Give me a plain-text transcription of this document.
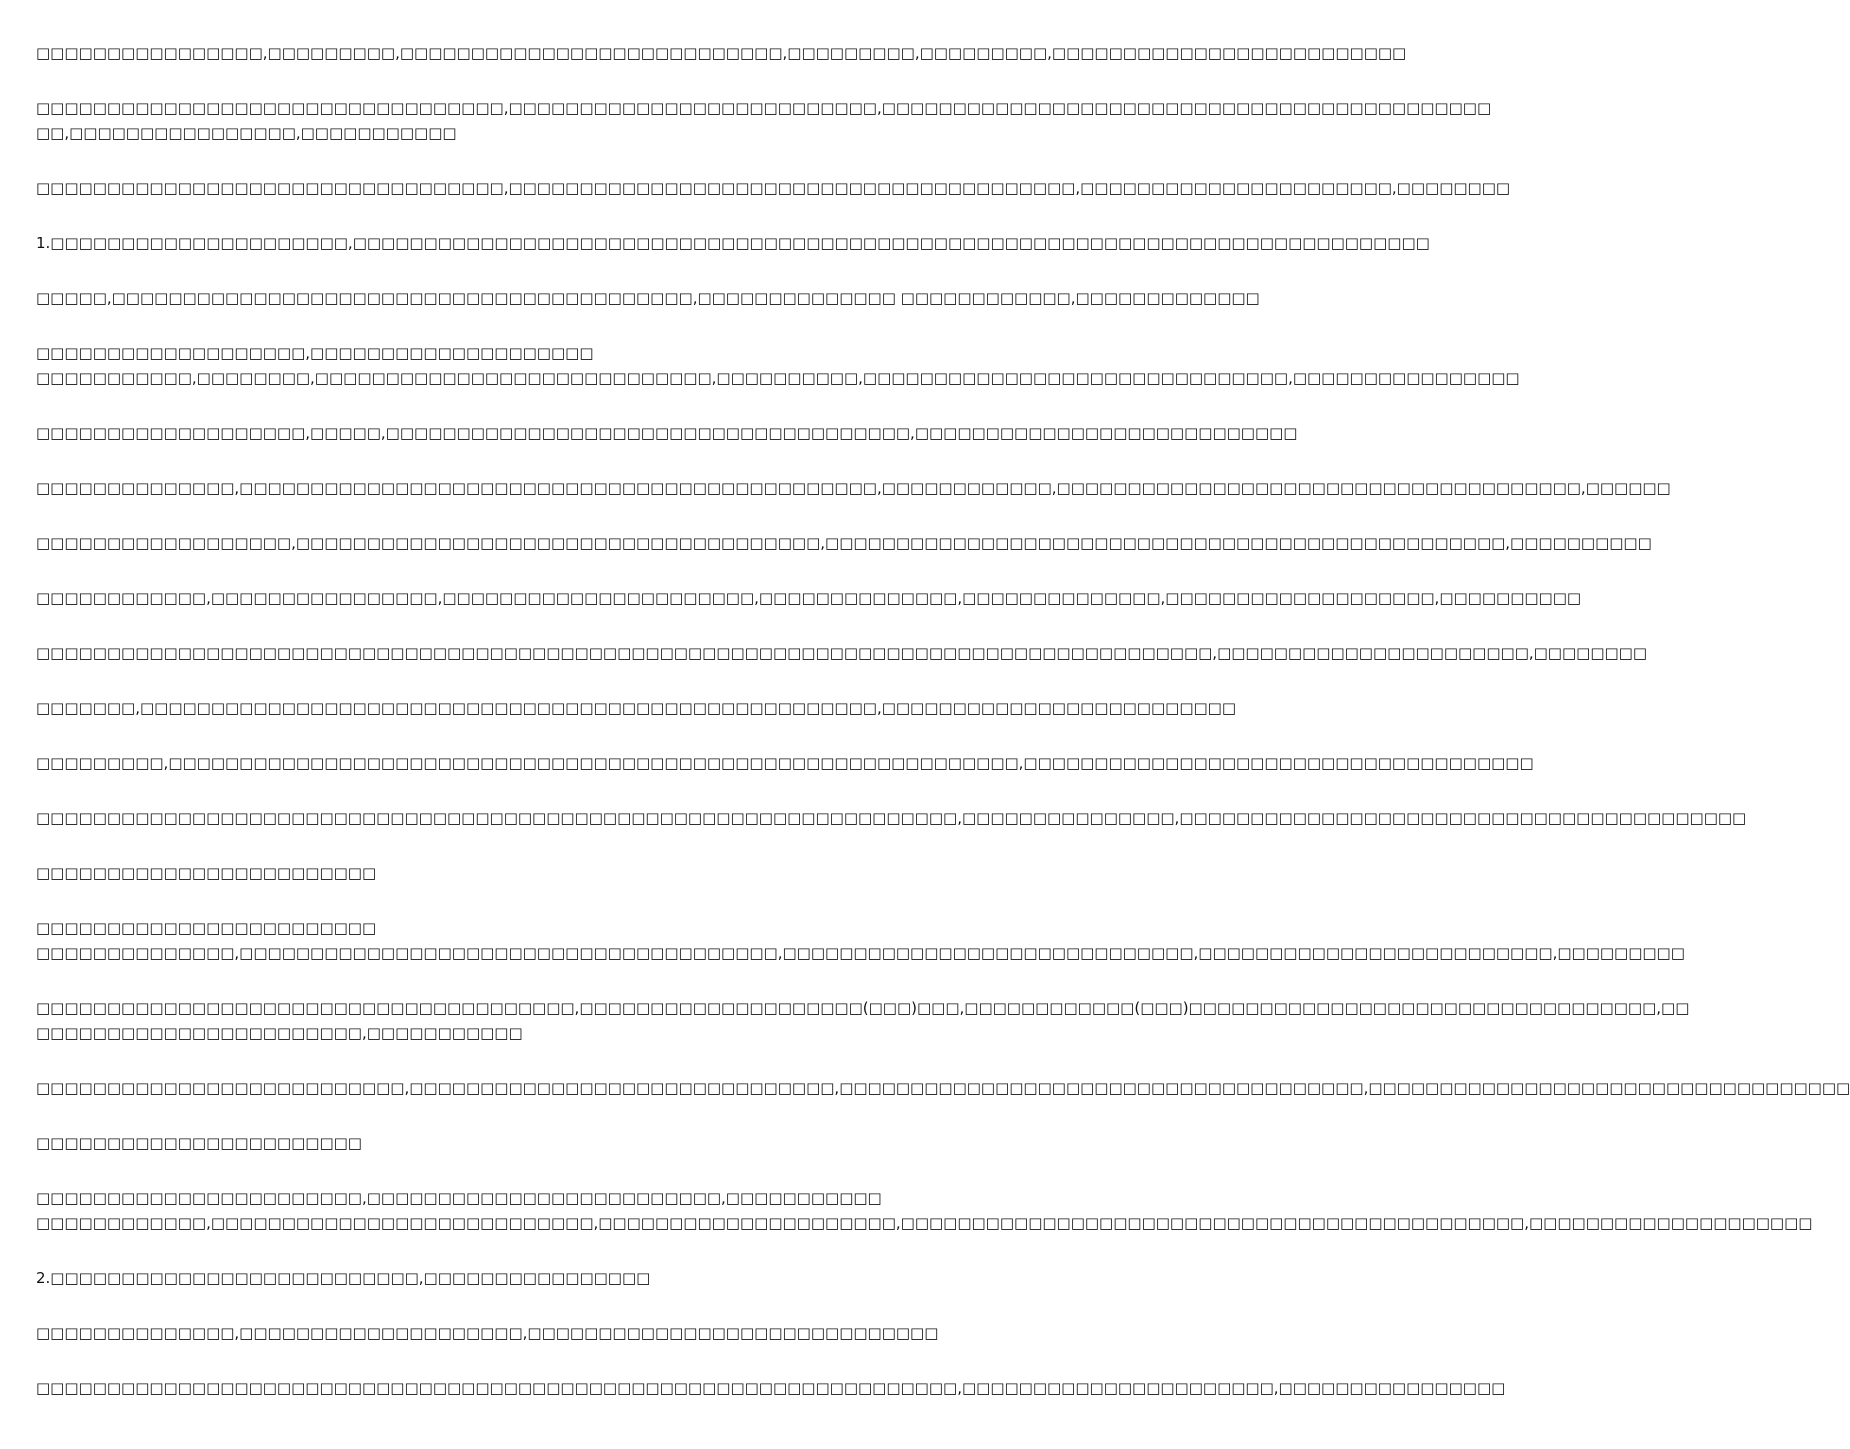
□□□□□□□□□□□□□□□□,□□□□□□□□□,□□□□□□□□□□□□□□□□□□□□□□□□□□□,□□□□□□□□□,□□□□□□□□□,□□□□□□□□□□□□□□□□□□□□□□□□□
□□□□□□□□□□□□□□□□□□□□□□□□□□□□□□□□□,□□□□□□□□□□□□□□□□□□□□□□□□□□,□□□□□□□□□□□□□□□□□□□□□□□□□□□□□□□□□□□□□□□□□□□
□□,□□□□□□□□□□□□□□□□,□□□□□□□□□□□
□□□□□□□□□□□□□□□□□□□□□□□□□□□□□□□□□,□□□□□□□□□□□□□□□□□□□□□□□□□□□□□□□□□□□□□□□□,□□□□□□□□□□□□□□□□□□□□□□,□□□□□□□□
1.□□□□□□□□□□□□□□□□□□□□□,□□□□□□□□□□□□□□□□□□□□□□□□□□□□□□□□□□□□□□□□□□□□□□□□□□□□□□□□□□□□□□□□□□□□□□□□□□□□
□□□□□,□□□□□□□□□□□□□□□□□□□□□□□□□□□□□□□□□□□□□□□□□,□□□□□□□□□□□□□□ □□□□□□□□□□□□,□□□□□□□□□□□□□
□□□□□□□□□□□□□□□□□□□,□□□□□□□□□□□□□□□□□□□□
□□□□□□□□□□□,□□□□□□□□,□□□□□□□□□□□□□□□□□□□□□□□□□□□□,□□□□□□□□□□,□□□□□□□□□□□□□□□□□□□□□□□□□□□□□□,□□□□□□□□□□□□□□□□
□□□□□□□□□□□□□□□□□□□,□□□□□,□□□□□□□□□□□□□□□□□□□□□□□□□□□□□□□□□□□□□,□□□□□□□□□□□□□□□□□□□□□□□□□□□
□□□□□□□□□□□□□□,□□□□□□□□□□□□□□□□□□□□□□□□□□□□□□□□□□□□□□□□□□□□□,□□□□□□□□□□□□,□□□□□□□□□□□□□□□□□□□□□□□□□□□□□□□□□□□□□,□□□□□□
□□□□□□□□□□□□□□□□□□,□□□□□□□□□□□□□□□□□□□□□□□□□□□□□□□□□□□□□,□□□□□□□□□□□□□□□□□□□□□□□□□□□□□□□□□□□□□□□□□□□□□□□□,□□□□□□□□□□
□□□□□□□□□□□□,□□□□□□□□□□□□□□□□,□□□□□□□□□□□□□□□□□□□□□□,□□□□□□□□□□□□□□,□□□□□□□□□□□□□□,□□□□□□□□□□□□□□□□□□□,□□□□□□□□□□
□□□□□□□□□□□□□□□□□□□□□□□□□□□□□□□□□□□□□□□□□□□□□□□□□□□□□□□□□□□□□□□□□□□□□□□□□□□□□□□□□□□,□□□□□□□□□□□□□□□□□□□□□□,□□□□□□□□
□□□□□□□,□□□□□□□□□□□□□□□□□□□□□□□□□□□□□□□□□□□□□□□□□□□□□□□□□□□□,□□□□□□□□□□□□□□□□□□□□□□□□□
□□□□□□□□□,□□□□□□□□□□□□□□□□□□□□□□□□□□□□□□□□□□□□□□□□□□□□□□□□□□□□□□□□□□□□,□□□□□□□□□□□□□□□□□□□□□□□□□□□□□□□□□□□□
□□□□□□□□□□□□□□□□□□□□□□□□□□□□□□□□□□□□□□□□□□□□□□□□□□□□□□□□□□□□□□□□□,□□□□□□□□□□□□□□□,□□□□□□□□□□□□□□□□□□□□□□□□□□□□□□□□□□□□□□□□
□□□□□□□□□□□□□□□□□□□□□□□□
□□□□□□□□□□□□□□□□□□□□□□□□
□□□□□□□□□□□□□□,□□□□□□□□□□□□□□□□□□□□□□□□□□□□□□□□□□□□□□,□□□□□□□□□□□□□□□□□□□□□□□□□□□□□,□□□□□□□□□□□□□□□□□□□□□□□□□,□□□□□□□□□
□□□□□□□□□□□□□□□□□□□□□□□□□□□□□□□□□□□□□□,□□□□□□□□□□□□□□□□□□□□(□□□)□□□,□□□□□□□□□□□□(□□□)□□□□□□□□□□□□□□□□□□□□□□□□□□□□□□□□□,□□
□□□□□□□□□□□□□□□□□□□□□□□,□□□□□□□□□□□
□□□□□□□□□□□□□□□□□□□□□□□□□□,□□□□□□□□□□□□□□□□□□□□□□□□□□□□□□,□□□□□□□□□□□□□□□□□□□□□□□□□□□□□□□□□□□□□,□□□□□□□□□□□□□□□□□□□□□□□□□□□□□□□□□□
□□□□□□□□□□□□□□□□□□□□□□□
□□□□□□□□□□□□□□□□□□□□□□□,□□□□□□□□□□□□□□□□□□□□□□□□□,□□□□□□□□□□□
□□□□□□□□□□□□,□□□□□□□□□□□□□□□□□□□□□□□□□□□,□□□□□□□□□□□□□□□□□□□□□,□□□□□□□□□□□□□□□□□□□□□□□□□□□□□□□□□□□□□□□□□□□□,□□□□□□□□□□□□□□□□□□□□
2.□□□□□□□□□□□□□□□□□□□□□□□□□□,□□□□□□□□□□□□□□□□
□□□□□□□□□□□□□□,□□□□□□□□□□□□□□□□□□□□,□□□□□□□□□□□□□□□□□□□□□□□□□□□□□
□□□□□□□□□□□□□□□□□□□□□□□□□□□□□□□□□□□□□□□□□□□□□□□□□□□□□□□□□□□□□□□□□,□□□□□□□□□□□□□□□□□□□□□□,□□□□□□□□□□□□□□□□
